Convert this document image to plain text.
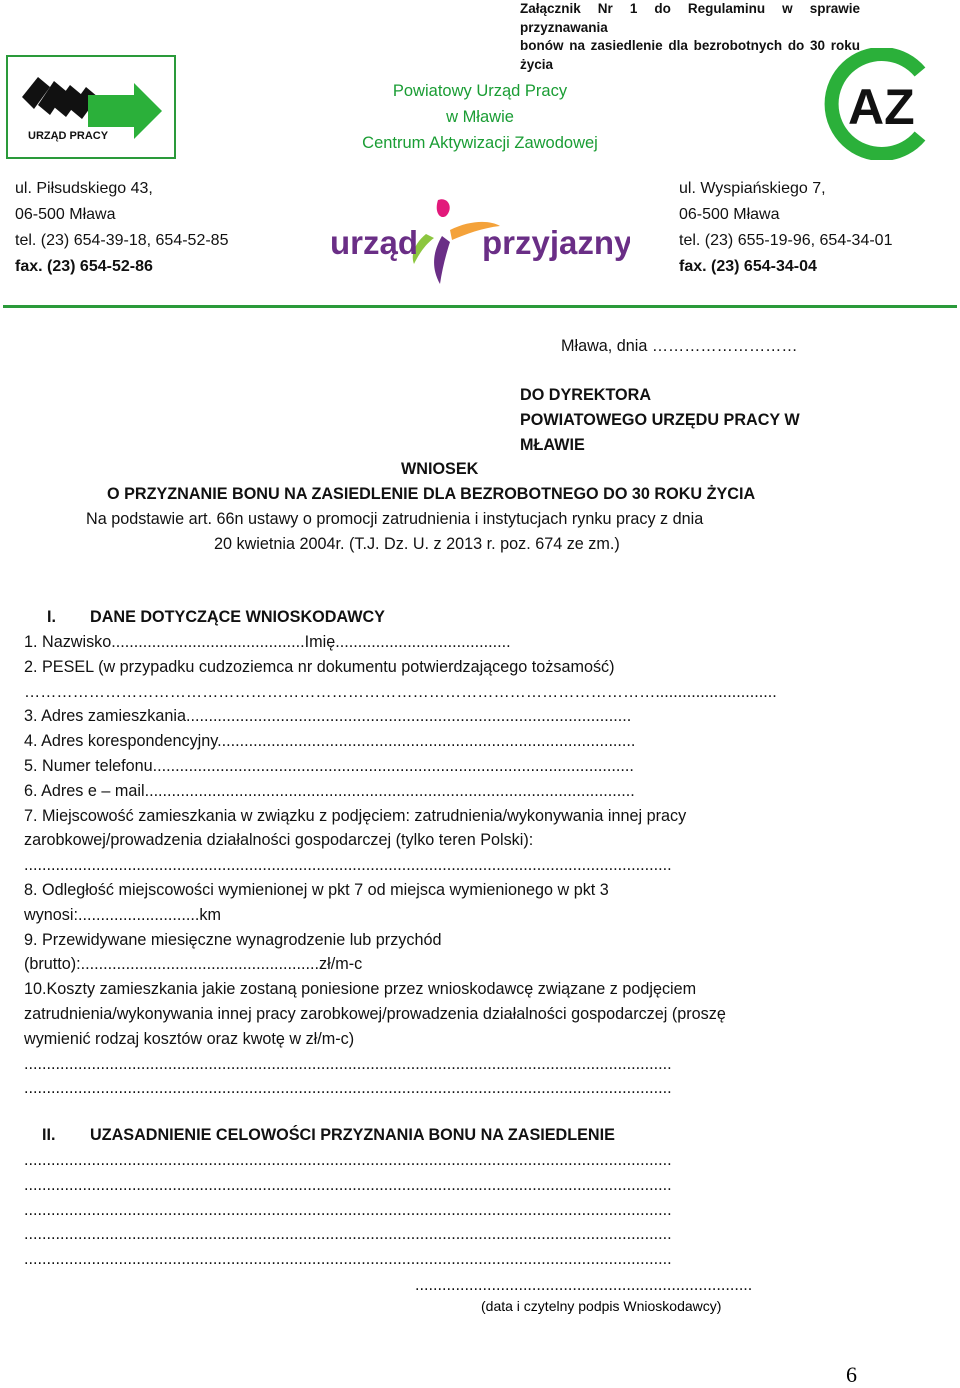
Załącznik Nr 1 do Regulaminu w sprawie przyznawania
bonów na zasiedlenie dla bezrobotnych do 30 roku
życia
URZĄD PRACY
Powiatowy Urząd Pracy
w Mławie
Centrum Aktywizacji Zawodowej
AZ
ul. Piłsudskiego 43,
06-500 Mława
tel. (23) 654-39-18, 654-52-85
fax. (23) 654-52-86
ul. Wyspiańskiego 7,
06-500 Mława
tel. (23) 655-19-96, 654-34-01
fax. (23) 654-34-04
urząd przyjazny
Mława, dnia ………………………
DO DYREKTORA
POWIATOWEGO URZĘDU PRACY W
MŁAWIE
WNIOSEK
O PRZYZNANIE BONU NA ZASIEDLENIE DLA BEZROBOTNEGO DO 30 ROKU ŻYCIA
Na podstawie art. 66n ustawy o promocji zatrudnienia i instytucjach rynku pracy z dnia
20 kwietnia 2004r. (T.J. Dz. U. z 2013 r. poz. 674 ze zm.)
I. DANE DOTYCZĄCE WNIOSKODAWCY
1. Nazwisko...........................................Imię.......................................
2. PESEL (w przypadku cudzoziemca nr dokumentu potwierdzającego tożsamość)
………………………………………………………………………………………………………...........................
3. Adres zamieszkania...................................................................................................
4. Adres korespondencyjny.............................................................................................
5. Numer telefonu...........................................................................................................
6. Adres e – mail.............................................................................................................
7. Miejscowość zamieszkania w związku z podjęciem: zatrudnienia/wykonywania innej pracy
zarobkowej/prowadzenia działalności gospodarczej (tylko teren Polski):
................................................................................................................................................
8. Odległość miejscowości wymienionej w pkt 7 od miejsca wymienionego w pkt 3
wynosi:...........................km
9. Przewidywane miesięczne wynagrodzenie lub przychód
(brutto):.....................................................zł/m-c
10.Koszty zamieszkania jakie zostaną poniesione przez wnioskodawcę związane z podjęciem
zatrudnienia/wykonywania innej pracy zarobkowej/prowadzenia działalności gospodarczej (proszę
wymienić rodzaj kosztów oraz kwotę w zł/m-c)
................................................................................................................................................
................................................................................................................................................
II. UZASADNIENIE CELOWOŚCI PRZYZNANIA BONU NA ZASIEDLENIE
................................................................................................................................................
................................................................................................................................................
................................................................................................................................................
................................................................................................................................................
................................................................................................................................................
...........................................................................
(data i czytelny podpis Wnioskodawcy)
6
